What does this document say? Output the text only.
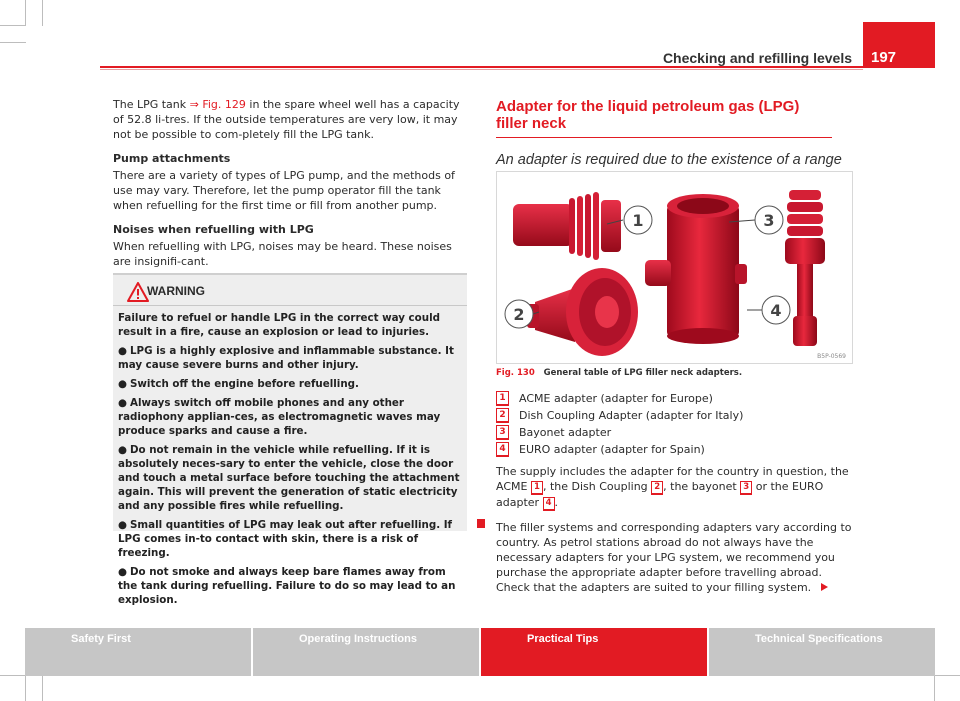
Checking and refilling levels	197

The LPG tank ⇒ Fig. 129 in the spare wheel well has a capacity of 52.8 li-tres. If the outside temperatures are very low, it may not be possible to com-pletely fill the LPG tank.

Pump attachments

There are a variety of types of LPG pump, and the methods of use may vary. Therefore, let the pump operator fill the tank when refuelling for the first time or fill from another pump.

Noises when refuelling with LPG

When refuelling with LPG, noises may be heard. These noises are insignifi-cant.

WARNING

Failure to refuel or handle LPG in the correct way could result in a fire, cause an explosion or lead to injuries.

● LPG is a highly explosive and inflammable substance. It may cause severe burns and other injury.

● Switch off the engine before refuelling.

● Always switch off mobile phones and any other radiophony applian-ces, as electromagnetic waves may produce sparks and cause a fire.

● Do not remain in the vehicle while refuelling. If it is absolutely neces-sary to enter the vehicle, close the door and touch a metal surface before touching the attachment again. This will prevent the generation of static electricity and any possible fires while refuelling.

● Small quantities of LPG may leak out after refuelling. If LPG comes in-to contact with skin, there is a risk of freezing.

● Do not smoke and always keep bare flames away from the tank during refuelling. Failure to do so may lead to an explosion.

Adapter for the liquid petroleum gas (LPG) filler neck

An adapter is required due to the existence of a range

1
2
3
4
B5P-0569
Fig. 130 General table of LPG filler neck adapters.
1	ACME adapter (adapter for Europe)
2	Dish Coupling Adapter (adapter for Italy)
3	Bayonet adapter
4	EURO adapter (adapter for Spain)

The supply includes the adapter for the country in question, the ACME 1 , the Dish Coupling 2 , the bayonet 3 or the EURO adapter 4 .

The filler systems and corresponding adapters vary according to country. As petrol stations abroad do not always have the necessary adapters for your LPG system, we recommend you purchase the appropriate adapter before travelling abroad. Check that the adapters are suited to your filling system.

Safety First	Operating Instructions	Practical Tips	Technical Specifications
